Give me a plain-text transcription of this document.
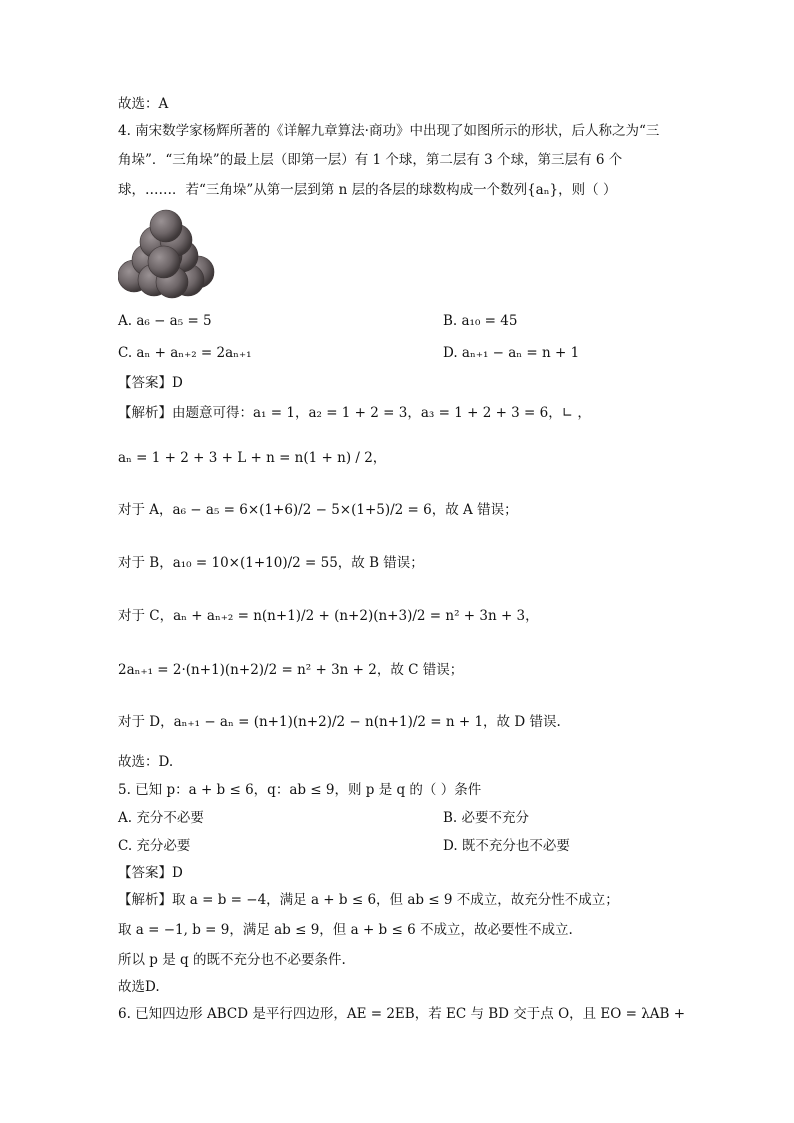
故选：A
4. 南宋数学家杨辉所著的《详解九章算法·商功》中出现了如图所示的形状，后人称之为“三
角垛”．“三角垛”的最上层（即第一层）有 1 个球，第二层有 3 个球，第三层有 6 个
球，……．若“三角垛”从第一层到第 n 层的各层的球数构成一个数列{aₙ}，则（ ）
A. a₆ − a₅ = 5	B. a₁₀ = 45
C. aₙ + aₙ₊₂ = 2aₙ₊₁	D. aₙ₊₁ − aₙ = n + 1
【答案】D
【解析】由题意可得：a₁ = 1，a₂ = 1 + 2 = 3，a₃ = 1 + 2 + 3 = 6，∟ ，
aₙ = 1 + 2 + 3 + L + n = n(1 + n) / 2，
对于 A，a₆ − a₅ = 6×(1+6)/2 − 5×(1+5)/2 = 6，故 A 错误；
对于 B，a₁₀ = 10×(1+10)/2 = 55，故 B 错误；
对于 C，aₙ + aₙ₊₂ = n(n+1)/2 + (n+2)(n+3)/2 = n² + 3n + 3，
2aₙ₊₁ = 2·(n+1)(n+2)/2 = n² + 3n + 2，故 C 错误；
对于 D，aₙ₊₁ − aₙ = (n+1)(n+2)/2 − n(n+1)/2 = n + 1，故 D 错误.
故选：D.
5. 已知 p：a + b ≤ 6，q：ab ≤ 9，则 p 是 q 的（ ）条件
A. 充分不必要	B. 必要不充分
C. 充分必要	D. 既不充分也不必要
【答案】D
【解析】取 a = b = −4，满足 a + b ≤ 6，但 ab ≤ 9 不成立，故充分性不成立；
取 a = −1, b = 9，满足 ab ≤ 9，但 a + b ≤ 6 不成立，故必要性不成立.
所以 p 是 q 的既不充分也不必要条件.
故选D.
6. 已知四边形 ABCD 是平行四边形，AE = 2EB，若 EC 与 BD 交于点 O，且 EO = λAB +
